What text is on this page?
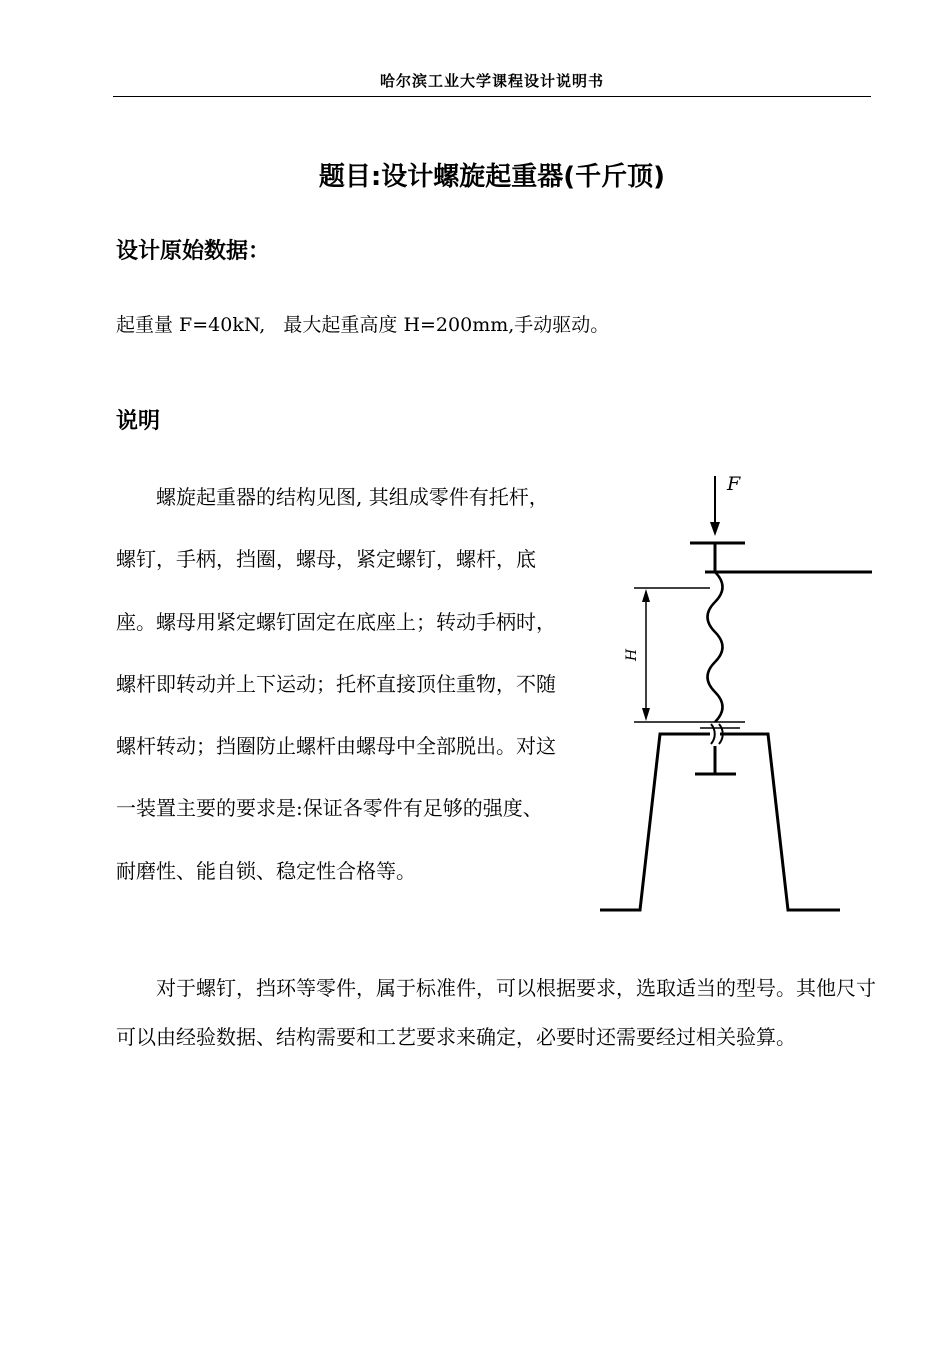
哈尔滨工业大学课程设计说明书
题目:设计螺旋起重器(千斤顶)
设计原始数据：
起重量 F=40kN,   最大起重高度 H=200mm,手动驱动。
说明

螺旋起重器的结构见图, 其组成零件有托杆，螺钉，手柄，挡圈，螺母，紧定螺钉，螺杆，底座。螺母用紧定螺钉固定在底座上；转动手柄时，螺杆即转动并上下运动；托杯直接顶住重物，不随螺杆转动；挡圈防止螺杆由螺母中全部脱出。对这一装置主要的要求是:保证各零件有足够的强度、耐磨性、能自锁、稳定性合格等。

F
H

对于螺钉，挡环等零件，属于标准件，可以根据要求，选取适当的型号。其他尺寸可以由经验数据、结构需要和工艺要求来确定，必要时还需要经过相关验算。
